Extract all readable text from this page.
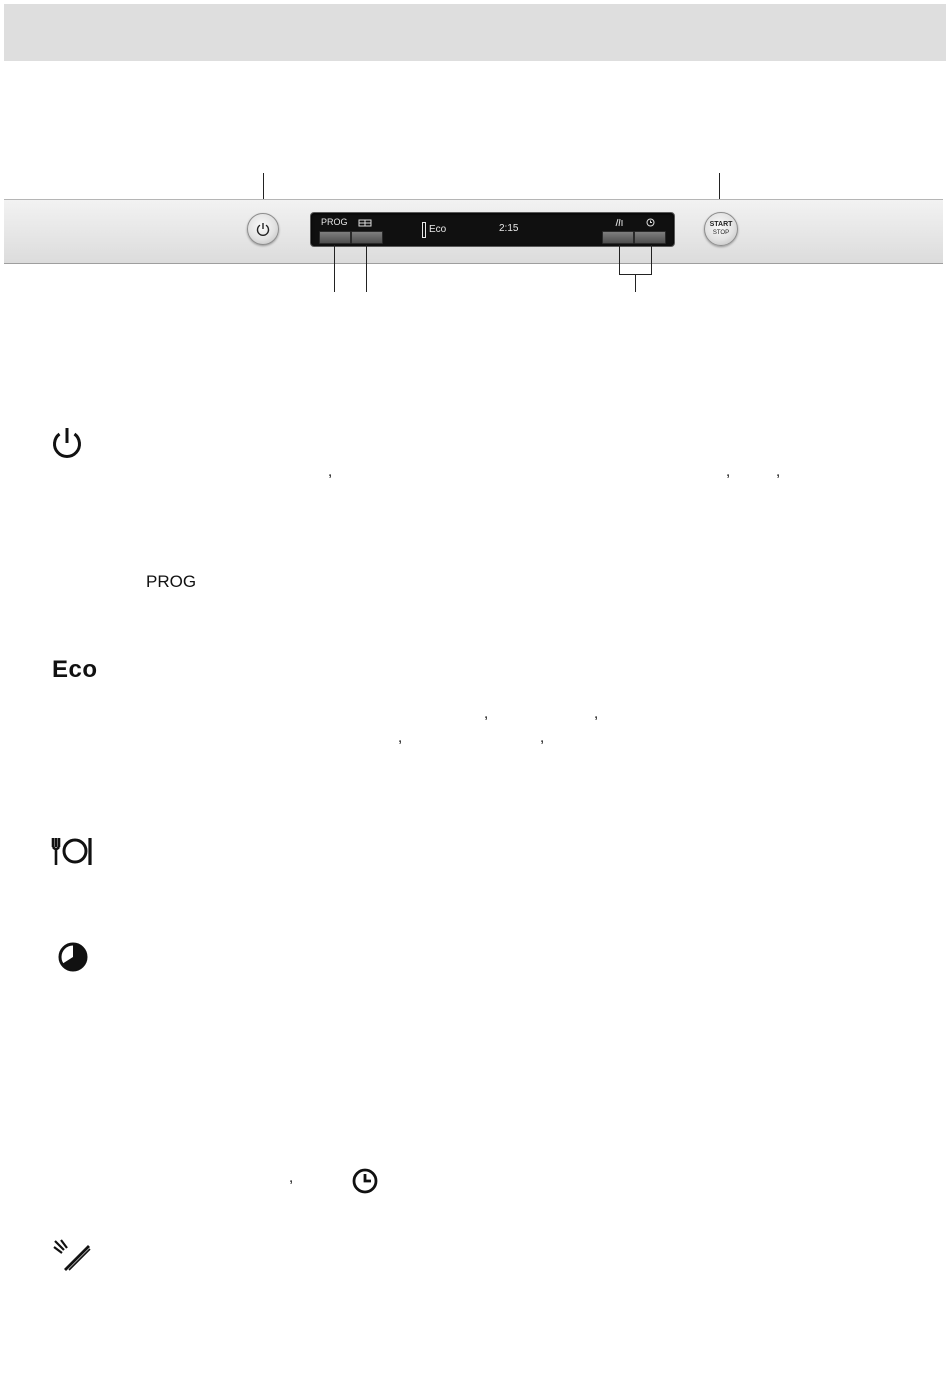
PROG
Eco	2:15	START
STOP
,	,	,
PROG
Eco
,	,
,	,
,
